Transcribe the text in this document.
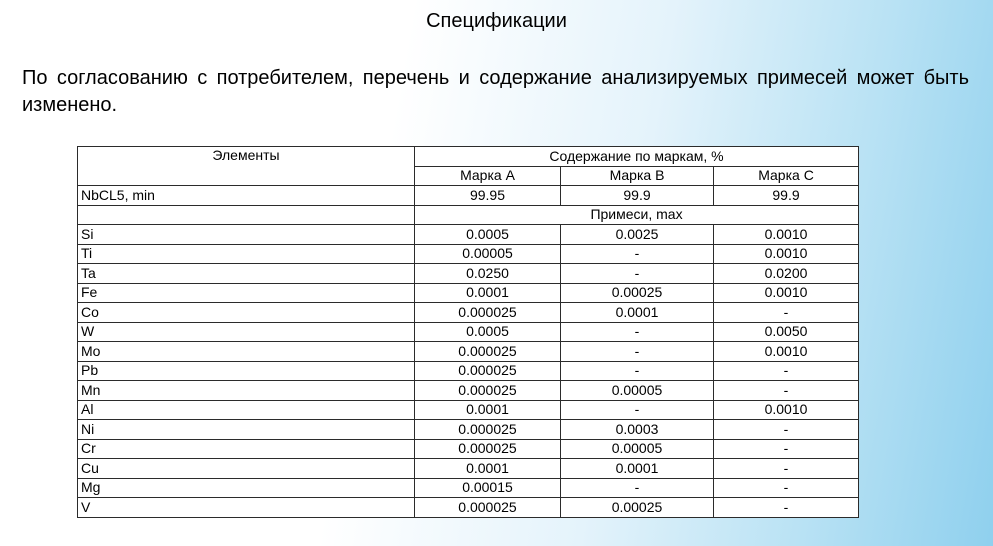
Спецификации
По согласованию с потребителем, перечень и содержание анализируемых примесей может быть изменено.
Элементы	Содержание по маркам, %		
	Марка A	Марка B	Марка C
NbCL5, min	99.95	99.9	99.9
	Примеси, max		
Si	0.0005	0.0025	0.0010
Ti	0.00005	-	0.0010
Ta	0.0250	-	0.0200
Fe	0.0001	0.00025	0.0010
Co	0.000025	0.0001	-
W	0.0005	-	0.0050
Mo	0.000025	-	0.0010
Pb	0.000025	-	-
Mn	0.000025	0.00005	-
Al	0.0001	-	0.0010
Ni	0.000025	0.0003	-
Cr	0.000025	0.00005	-
Cu	0.0001	0.0001	-
Mg	0.00015	-	-
V	0.000025	0.00025	-
